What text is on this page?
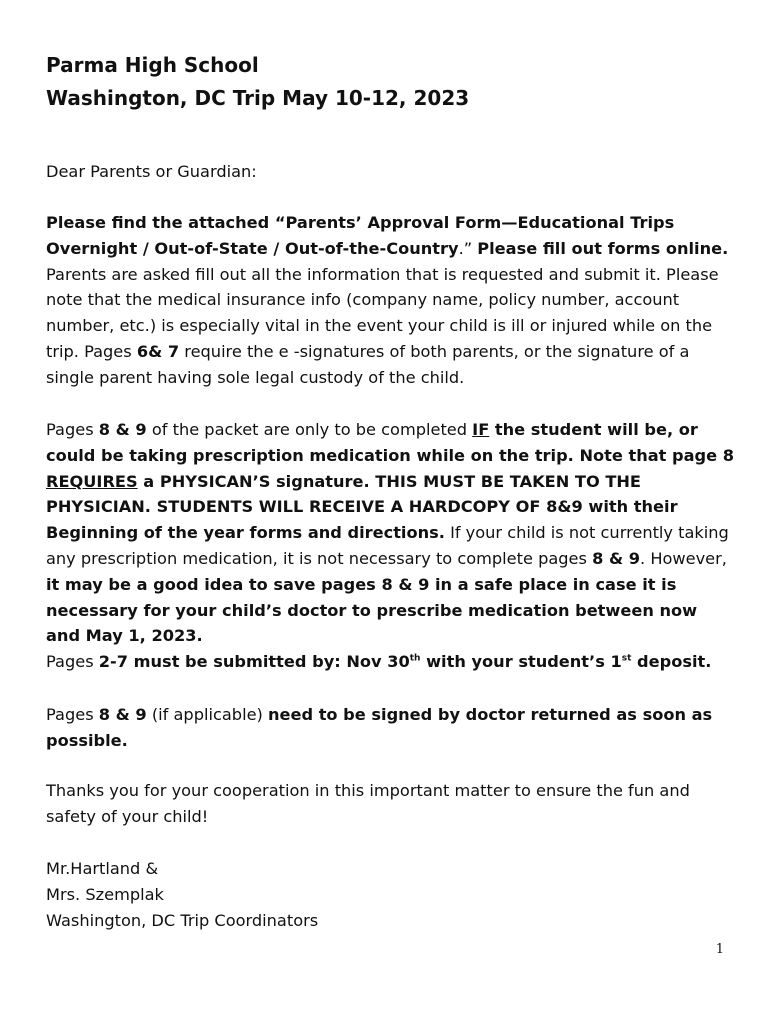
Parma High School
Washington, DC Trip May 10-12, 2023

Dear Parents or Guardian:

Please find the attached “Parents’ Approval Form—Educational Trips Overnight / Out-of-State / Out-of-the-Country.” Please fill out forms online. Parents are asked fill out all the information that is requested and submit it. Please note that the medical insurance info (company name, policy number, account number, etc.) is especially vital in the event your child is ill or injured while on the trip. Pages 6& 7 require the e -signatures of both parents, or the signature of a single parent having sole legal custody of the child.

Pages 8 & 9 of the packet are only to be completed IF the student will be, or could be taking prescription medication while on the trip. Note that page 8 REQUIRES a PHYSICAN’S signature. THIS MUST BE TAKEN TO THE PHYSICIAN. STUDENTS WILL RECEIVE A HARDCOPY OF 8&9 with their Beginning of the year forms and directions. If your child is not currently taking any prescription medication, it is not necessary to complete pages 8 & 9. However, it may be a good idea to save pages 8 & 9 in a safe place in case it is necessary for your child’s doctor to prescribe medication between now and May 1, 2023.

Pages 2-7 must be submitted by: Nov 30th with your student’s 1st deposit.

Pages 8 & 9 (if applicable) need to be signed by doctor returned as soon as possible.

Thanks you for your cooperation in this important matter to ensure the fun and safety of your child!

Mr.Hartland &
Mrs. Szemplak
Washington, DC Trip Coordinators

1
